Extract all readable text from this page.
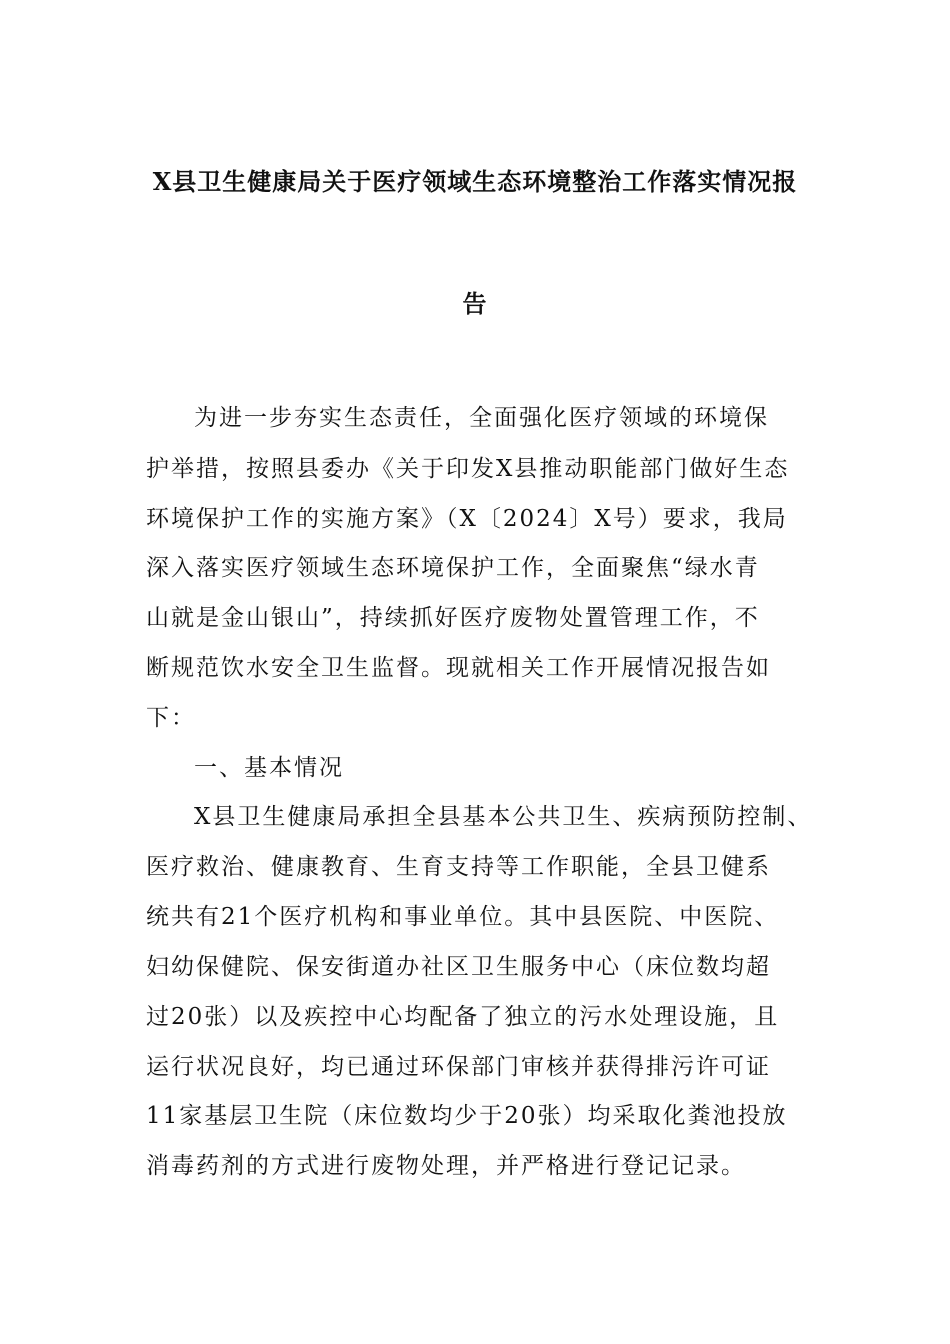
X县卫生健康局关于医疗领域生态环境整治工作落实情况报
告
为进一步夯实生态责任，全面强化医疗领域的环境保
护举措，按照县委办《关于印发X县推动职能部门做好生态
环境保护工作的实施方案》（X〔2024〕X号）要求，我局
深入落实医疗领域生态环境保护工作，全面聚焦“绿水青
山就是金山银山”，持续抓好医疗废物处置管理工作，不
断规范饮水安全卫生监督。现就相关工作开展情况报告如
下：
一、基本情况
X县卫生健康局承担全县基本公共卫生、疾病预防控制、
医疗救治、健康教育、生育支持等工作职能，全县卫健系
统共有21个医疗机构和事业单位。其中县医院、中医院、
妇幼保健院、保安街道办社区卫生服务中心（床位数均超
过20张）以及疾控中心均配备了独立的污水处理设施，且
运行状况良好，均已通过环保部门审核并获得排污许可证
11家基层卫生院（床位数均少于20张）均采取化粪池投放
消毒药剂的方式进行废物处理，并严格进行登记记录。
